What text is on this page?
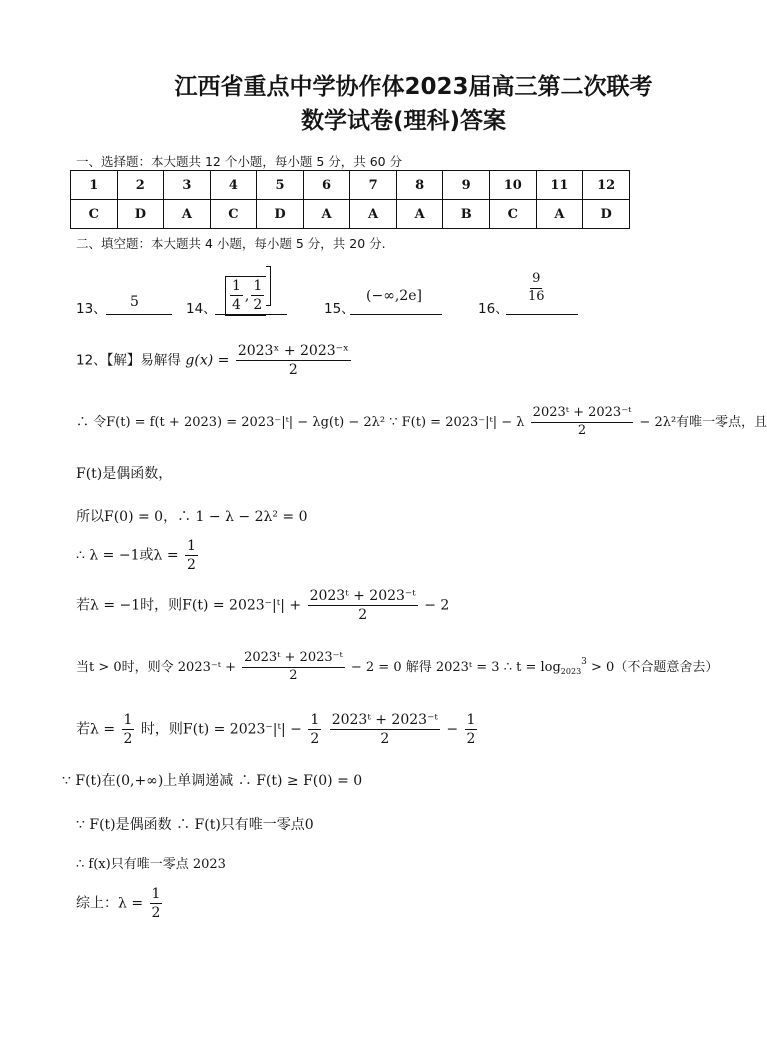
江西省重点中学协作体2023届高三第二次联考
数学试卷(理科)答案
一、选择题：本大题共 12 个小题，每小题 5 分，共 60 分
1	2	3	4	5	6	7	8	9	10	11	12
C	D	A	C	D	A	A	A	B	C	A	D
二、填空题：本大题共 4 小题，每小题 5 分，共 20 分.
13、 5	14、 $\frac{1}{4}$ , $\frac{1}{2}$	15、
(−∞,2e]
16、
$\frac{9}{16}$
12、【解】易解得 $g(x) = \frac{\text{2023ˣ + 2023⁻ˣ}}{2}$
∴ 令F(t) = f(t + 2023) = 2023⁻|ᵗ| − λg(t) − 2λ² ∵ F(t) = 2023⁻|ᵗ| − λ $\frac{\text{2023ᵗ + 2023⁻ᵗ}}{2} - 2\lambda^2$有唯一零点，且
F(t)是偶函数，
所以F(0) = 0，∴ 1 − λ − 2λ² = 0
∴ λ = −1或$\lambda = \frac{1}{2}$
若λ = −1时，则F(t) = 2023⁻|ᵗ| + $\frac{\text{2023ᵗ + 2023⁻ᵗ}}{2} - 2$
当t > 0时，则令 2023⁻ᵗ + $\frac{\text{2023ᵗ + 2023⁻ᵗ}}{2} - 2 = 0$ 解得 2023ᵗ = 3 ∴ $t = \log_{2023}^3 > 0$（不合题意舍去）
若$\lambda = \frac{1}{2}$ 时，则F(t) = 2023⁻|ᵗ| − $\frac{1}{2}$
$\frac{\text{2023ᵗ + 2023⁻ᵗ}}{2} - \frac{1}{2}$
∵ F(t)在(0,+∞)上单调递减 ∴ F(t) ≥ F(0) = 0
∵ F(t)是偶函数 ∴ F(t)只有唯一零点0
∴ f(x)只有唯一零点 2023
综上：$\lambda = \frac{1}{2}$
